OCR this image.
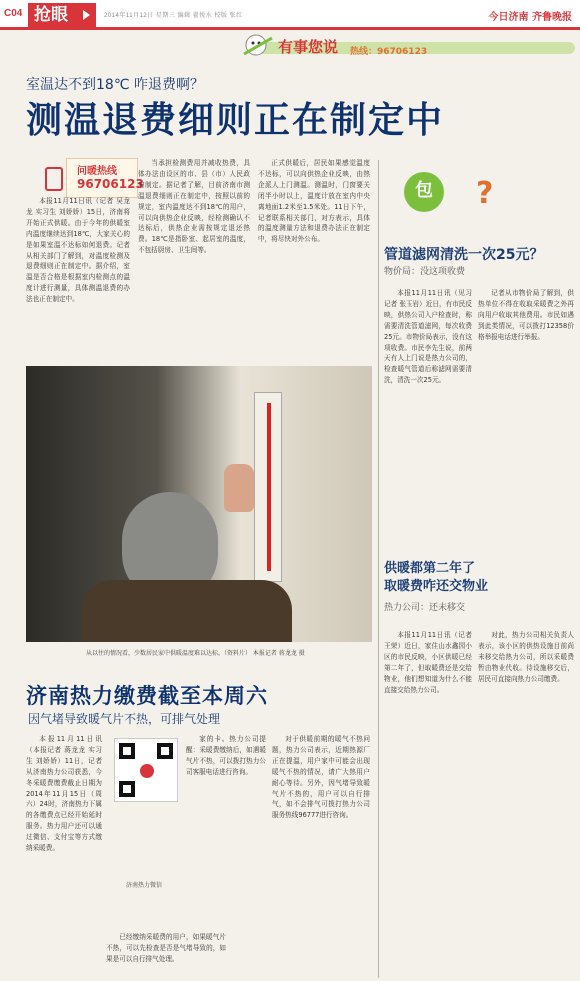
C04 抢眼	2014年11月12日 星期三 编辑 翟悦水 校版 张红	今日济南 齐鲁晚报
有事您说 热线：96706123
室温达不到18℃ 咋退费啊？
测温退费细则正在制定中
问暖热线
96706123

本报11月11日讯（记者 吴龙龙 实习生 刘娇娇）15日，济南将开始正式供暖。由于今年的供暖室内温度继续达到18℃，大家关心的是如果室温不达标如何退费。记者从相关部门了解到，对温度检测及退费细则正在制定中。据介绍，室温是否合格是根据室内检测点的温度计进行测量，具体测温退费的办法也正在制定中。

当承担检测费用并减收热费，具体办法由设区的市、县（市）人民政府制定。据记者了解，目前济南市测温退费细则正在制定中，按照以前的规定，室内温度达不到18℃的用户，可以向供热企业反映，经检测确认不达标后，供热企业需按规定退还热费。18℃是指卧室、起居室的温度，不包括厨房、卫生间等。

正式供暖后，居民如果感觉温度不达标，可以向供热企业反映，由热企派人上门测温。测温时，门窗要关闭半小时以上，温度计放在室内中央离地面1.2米至1.5米处。11日下午，记者联系相关部门，对方表示，具体的温度测量方法和退费办法正在制定中，将尽快对外公布。

从以往的情况看，少数居民家中供暖温度难以达标。（资料片） 本报记者 蒋龙龙 摄
济南热力缴费截至本周六
因气堵导致暖气片不热，可排气处理

本报11月11日讯（本报记者 蒋龙龙 实习生 刘娇娇）11日，记者从济南热力公司获悉，今冬采暖费缴费截止日期为2014年11月15日（周六）24时，济南热力下属的各缴费点已经开始延时服务。热力用户还可以通过微信、支付宝等方式缴纳采暖费。

济南热力微信

已经缴纳采暖费的用户，如果暖气片不热，可以先检查是否是气堵导致的，如果是可以自行排气处理。

家的卡。热力公司提醒：采暖费缴纳后，如遇暖气片不热，可以拨打热力公司客服电话进行咨询。

对于供暖前期的暖气不热问题，热力公司表示，近期热源厂正在提温，用户家中可能会出现暖气不热的情况，请广大热用户耐心等待。另外，因气堵导致暖气片不热的，用户可以自行排气，如不会排气可拨打热力公司服务热线96777进行咨询。

包	?
管道滤网清洗一次25元？
物价局：没这项收费

本报11月11日讯（见习记者 张玉岩）近日，有市民反映，供热公司入户检查时，称需要清洗管道滤网，每次收费25元。市物价局表示，没有这项收费。市民李先生说，前两天有人上门说是热力公司的，检查暖气管道后称滤网需要清洗，清洗一次25元。

记者从市物价局了解到，供热单位不得在收取采暖费之外再向用户收取其他费用。市民如遇到此类情况，可以拨打12358价格举报电话进行举报。

供暖都第二年了
取暖费咋还交物业
热力公司：还未移交

本报11月11日讯（记者 王荣）近日，家住山水鑫园小区的市民反映，小区供暖已经第二年了，但取暖费还是交给物业，他们想知道为什么不能直接交给热力公司。

对此，热力公司相关负责人表示，该小区的供热设施目前尚未移交给热力公司，所以采暖费暂由物业代收。待设施移交后，居民可直接向热力公司缴费。
